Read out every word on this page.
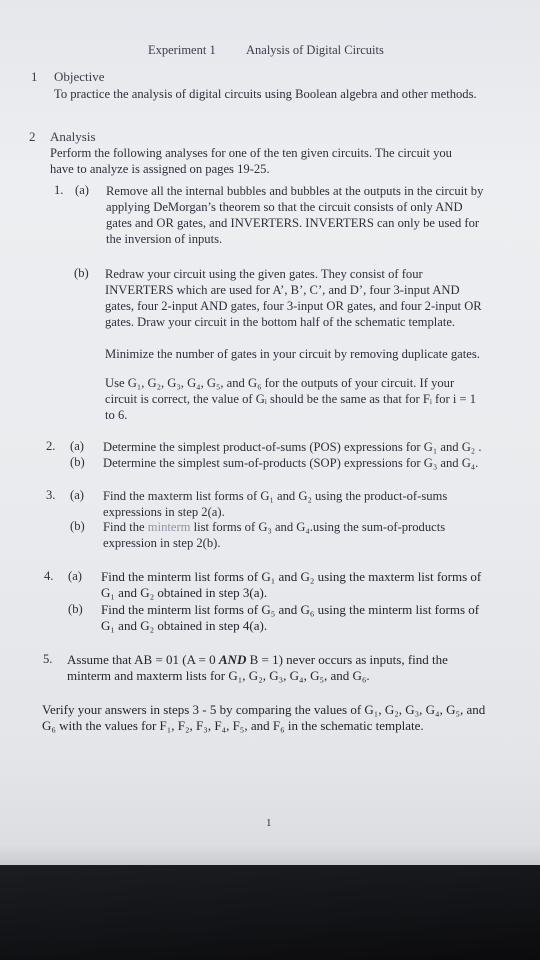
Experiment 1 Analysis of Digital Circuits
1 Objective
To practice the analysis of digital circuits using Boolean algebra and other methods.
2 Analysis
Perform the following analyses for one of the ten given circuits. The circuit you
have to analyze is assigned on pages 19-25.
1. (a) Remove all the internal bubbles and bubbles at the outputs in the circuit by
applying DeMorgan’s theorem so that the circuit consists of only AND
gates and OR gates, and INVERTERS. INVERTERS can only be used for
the inversion of inputs.
(b) Redraw your circuit using the given gates. They consist of four
INVERTERS which are used for A’, B’, C’, and D’, four 3-input AND
gates, four 2-input AND gates, four 3-input OR gates, and four 2-input OR
gates. Draw your circuit in the bottom half of the schematic template.
Minimize the number of gates in your circuit by removing duplicate gates.
Use G₁, G₂, G₃, G₄, G₅, and G₆ for the outputs of your circuit. If your
circuit is correct, the value of Gᵢ should be the same as that for Fᵢ for i = 1
to 6.
2. (a) Determine the simplest product-of-sums (POS) expressions for G₁ and G₂ .
(b) Determine the simplest sum-of-products (SOP) expressions for G₃ and G₄.
3. (a) Find the maxterm list forms of G₁ and G₂ using the product-of-sums
expressions in step 2(a).
(b) Find the minterm list forms of G₃ and G₄.using the sum-of-products
expression in step 2(b).
4. (a) Find the minterm list forms of G₁ and G₂ using the maxterm list forms of
G₁ and G₂ obtained in step 3(a).
(b) Find the minterm list forms of G₅ and G₆ using the minterm list forms of
G₁ and G₂ obtained in step 4(a).
5. Assume that AB = 01 (A = 0 AND B = 1) never occurs as inputs, find the
minterm and maxterm lists for G₁, G₂, G₃, G₄, G₅, and G₆.
Verify your answers in steps 3 - 5 by comparing the values of G₁, G₂, G₃, G₄, G₅, and
G₆ with the values for F₁, F₂, F₃, F₄, F₅, and F₆ in the schematic template.
1
